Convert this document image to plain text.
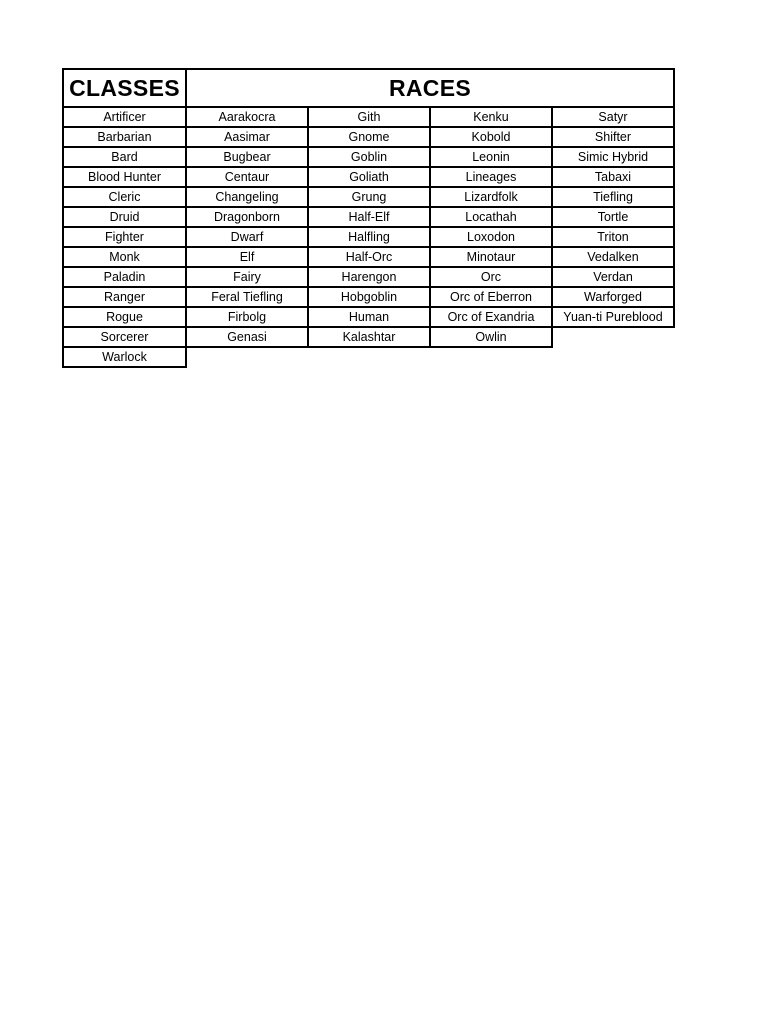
CLASSES	RACES			
Artificer	Aarakocra	Gith	Kenku	Satyr
Barbarian	Aasimar	Gnome	Kobold	Shifter
Bard	Bugbear	Goblin	Leonin	Simic Hybrid
Blood Hunter	Centaur	Goliath	Lineages	Tabaxi
Cleric	Changeling	Grung	Lizardfolk	Tiefling
Druid	Dragonborn	Half-Elf	Locathah	Tortle
Fighter	Dwarf	Halfling	Loxodon	Triton
Monk	Elf	Half-Orc	Minotaur	Vedalken
Paladin	Fairy	Harengon	Orc	Verdan
Ranger	Feral Tiefling	Hobgoblin	Orc of Eberron	Warforged
Rogue	Firbolg	Human	Orc of Exandria	Yuan-ti Pureblood
Sorcerer	Genasi	Kalashtar	Owlin	
Warlock				
